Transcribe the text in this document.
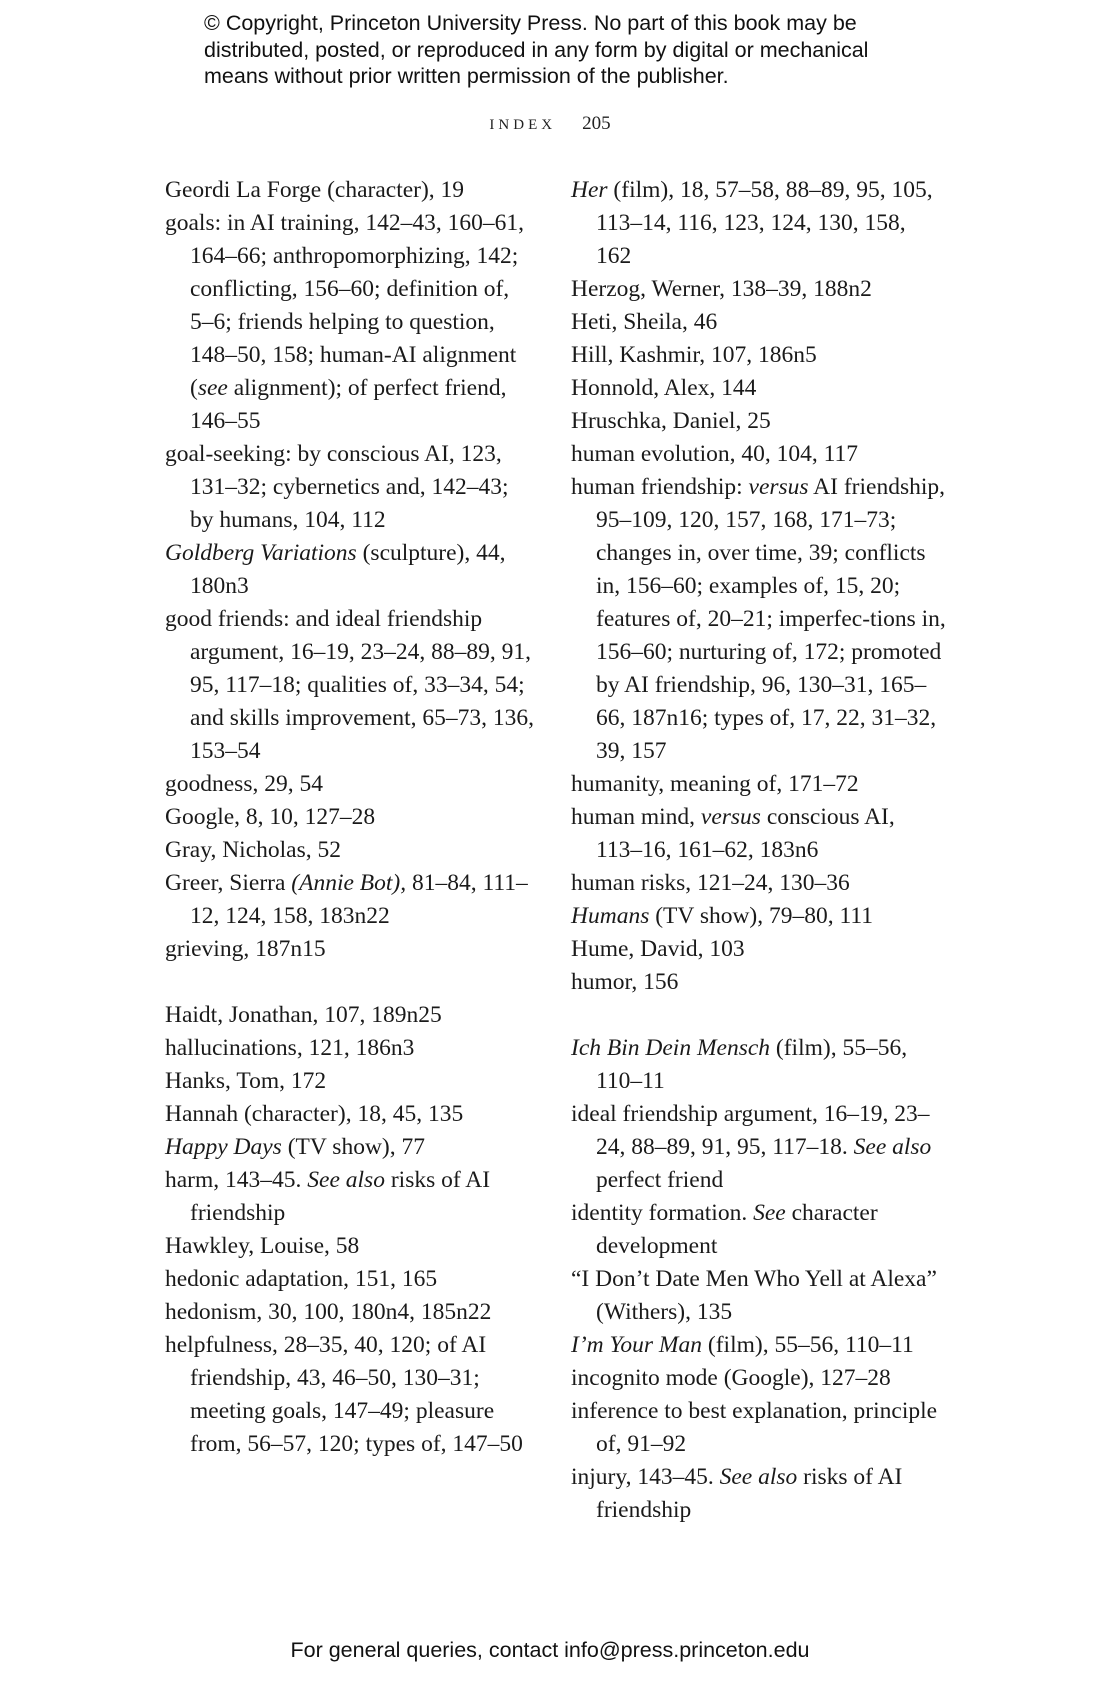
© Copyright, Princeton University Press. No part of this book may be distributed, posted, or reproduced in any form by digital or mechanical means without prior written permission of the publisher.
INDEX 205
Geordi La Forge (character), 19
goals: in AI training, 142–43, 160–61, 164–66; anthropomorphizing, 142; conflicting, 156–60; definition of, 5–6; friends helping to question, 148–50, 158; human-AI alignment (see alignment); of perfect friend, 146–55
goal-seeking: by conscious AI, 123, 131–32; cybernetics and, 142–43; by humans, 104, 112
Goldberg Variations (sculpture), 44, 180n3
good friends: and ideal friendship argument, 16–19, 23–24, 88–89, 91, 95, 117–18; qualities of, 33–34, 54; and skills improvement, 65–73, 136, 153–54
goodness, 29, 54
Google, 8, 10, 127–28
Gray, Nicholas, 52
Greer, Sierra (Annie Bot), 81–84, 111–12, 124, 158, 183n22
grieving, 187n15
Haidt, Jonathan, 107, 189n25
hallucinations, 121, 186n3
Hanks, Tom, 172
Hannah (character), 18, 45, 135
Happy Days (TV show), 77
harm, 143–45. See also risks of AI friendship
Hawkley, Louise, 58
hedonic adaptation, 151, 165
hedonism, 30, 100, 180n4, 185n22
helpfulness, 28–35, 40, 120; of AI friendship, 43, 46–50, 130–31; meeting goals, 147–49; pleasure from, 56–57, 120; types of, 147–50
Her (film), 18, 57–58, 88–89, 95, 105, 113–14, 116, 123, 124, 130, 158, 162
Herzog, Werner, 138–39, 188n2
Heti, Sheila, 46
Hill, Kashmir, 107, 186n5
Honnold, Alex, 144
Hruschka, Daniel, 25
human evolution, 40, 104, 117
human friendship: versus AI friendship, 95–109, 120, 157, 168, 171–73; changes in, over time, 39; conflicts in, 156–60; examples of, 15, 20; features of, 20–21; imperfec-tions in, 156–60; nurturing of, 172; promoted by AI friendship, 96, 130–31, 165–66, 187n16; types of, 17, 22, 31–32, 39, 157
humanity, meaning of, 171–72
human mind, versus conscious AI, 113–16, 161–62, 183n6
human risks, 121–24, 130–36
Humans (TV show), 79–80, 111
Hume, David, 103
humor, 156
Ich Bin Dein Mensch (film), 55–56, 110–11
ideal friendship argument, 16–19, 23–24, 88–89, 91, 95, 117–18. See also perfect friend
identity formation. See character development
“I Don’t Date Men Who Yell at Alexa” (Withers), 135
I’m Your Man (film), 55–56, 110–11
incognito mode (Google), 127–28
inference to best explanation, principle of, 91–92
injury, 143–45. See also risks of AI friendship
For general queries, contact info@press.princeton.edu
